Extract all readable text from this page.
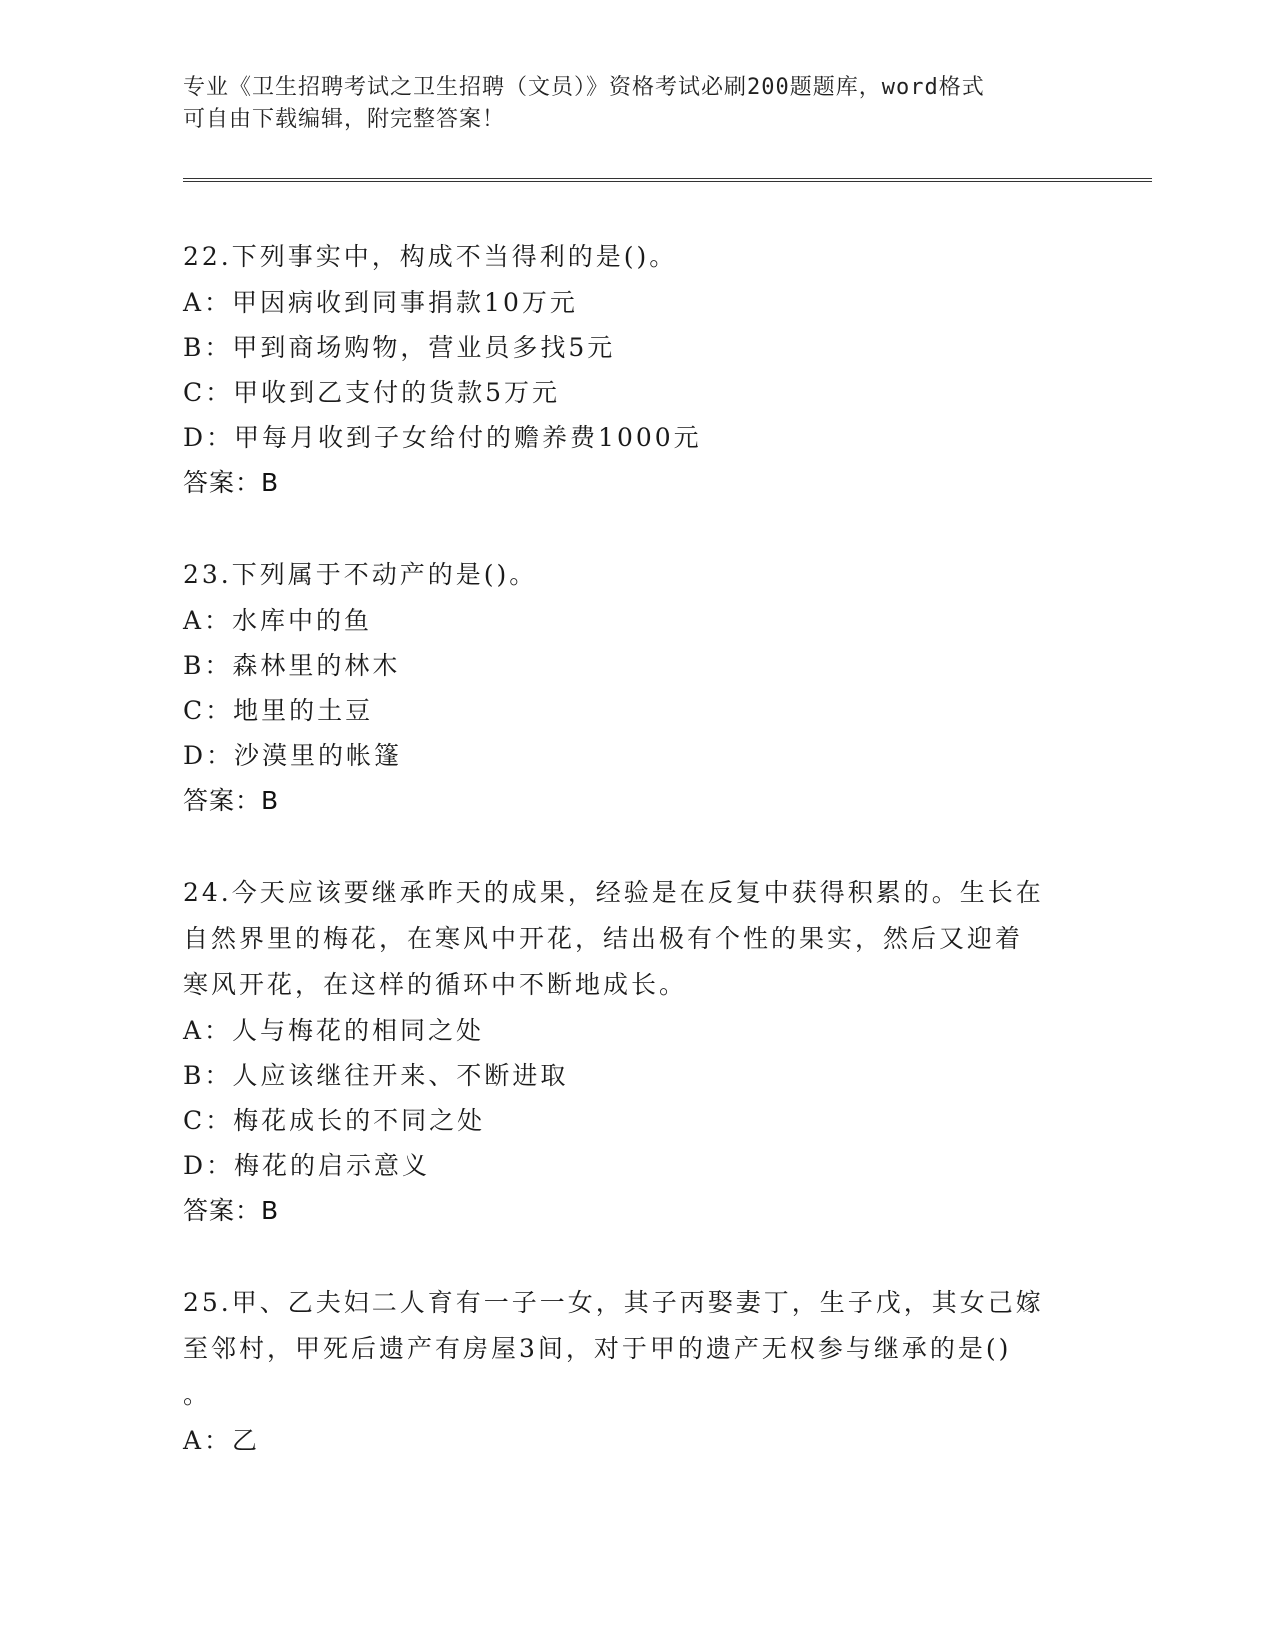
专业《卫生招聘考试之卫生招聘（文员）》资格考试必刷200题题库，word格式
可自由下载编辑，附完整答案！
22.下列事实中，构成不当得利的是()。
A：甲因病收到同事捐款10万元
B：甲到商场购物，营业员多找5元
C：甲收到乙支付的货款5万元
D：甲每月收到子女给付的赡养费1000元
答案：B
23.下列属于不动产的是()。
A：水库中的鱼
B：森林里的林木
C：地里的土豆
D：沙漠里的帐篷
答案：B
24.今天应该要继承昨天的成果，经验是在反复中获得积累的。生长在
自然界里的梅花，在寒风中开花，结出极有个性的果实，然后又迎着
寒风开花，在这样的循环中不断地成长。
A：人与梅花的相同之处
B：人应该继往开来、不断进取
C：梅花成长的不同之处
D：梅花的启示意义
答案：B
25.甲、乙夫妇二人育有一子一女，其子丙娶妻丁，生子戊，其女己嫁
至邻村，甲死后遗产有房屋3间，对于甲的遗产无权参与继承的是()
。
A：乙
